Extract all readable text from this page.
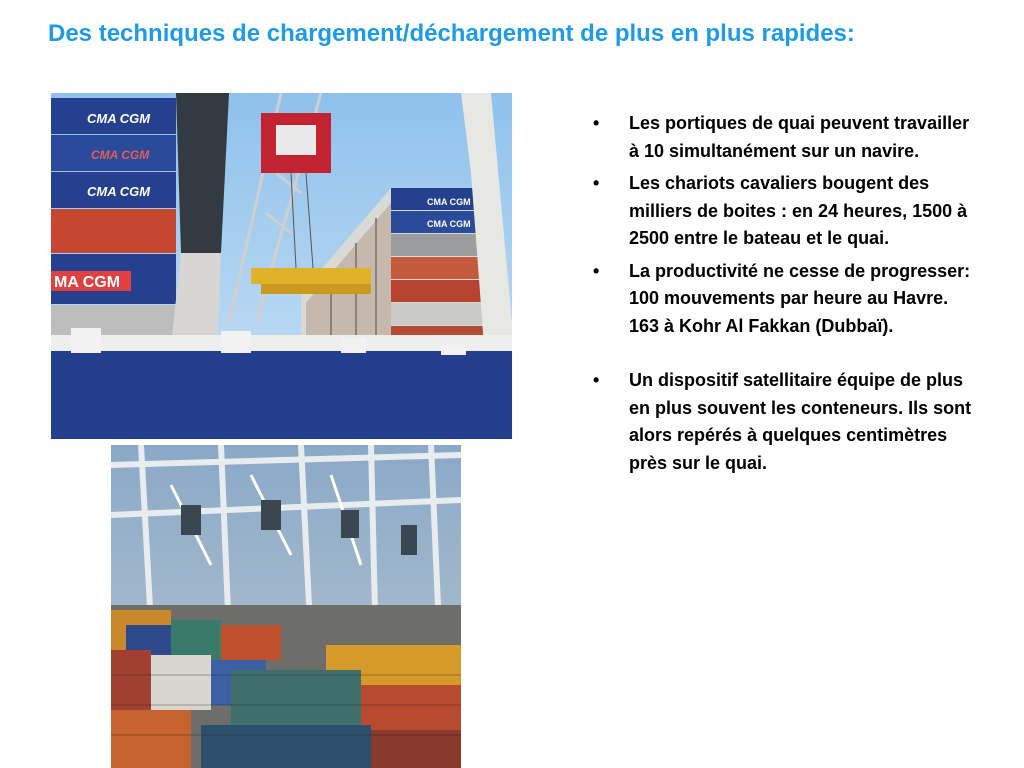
Des techniques de chargement/déchargement de plus en plus rapides:
CMA CGM
CMA CGM
CMA CGM
CMA CGM
CMA CGM
MA CGM
•	Les portiques de quai peuvent travailler à 10 simultanément sur un navire.
•	Les chariots cavaliers bougent des milliers de boites : en 24 heures, 1500 à 2500 entre le bateau et le quai.
•	La productivité ne cesse de progresser: 100 mouvements par heure au Havre. 163 à Kohr Al Fakkan (Dubbaï).
•	Un dispositif satellitaire équipe de plus en plus souvent les conteneurs. Ils sont alors repérés à quelques centimètres près sur le quai.
